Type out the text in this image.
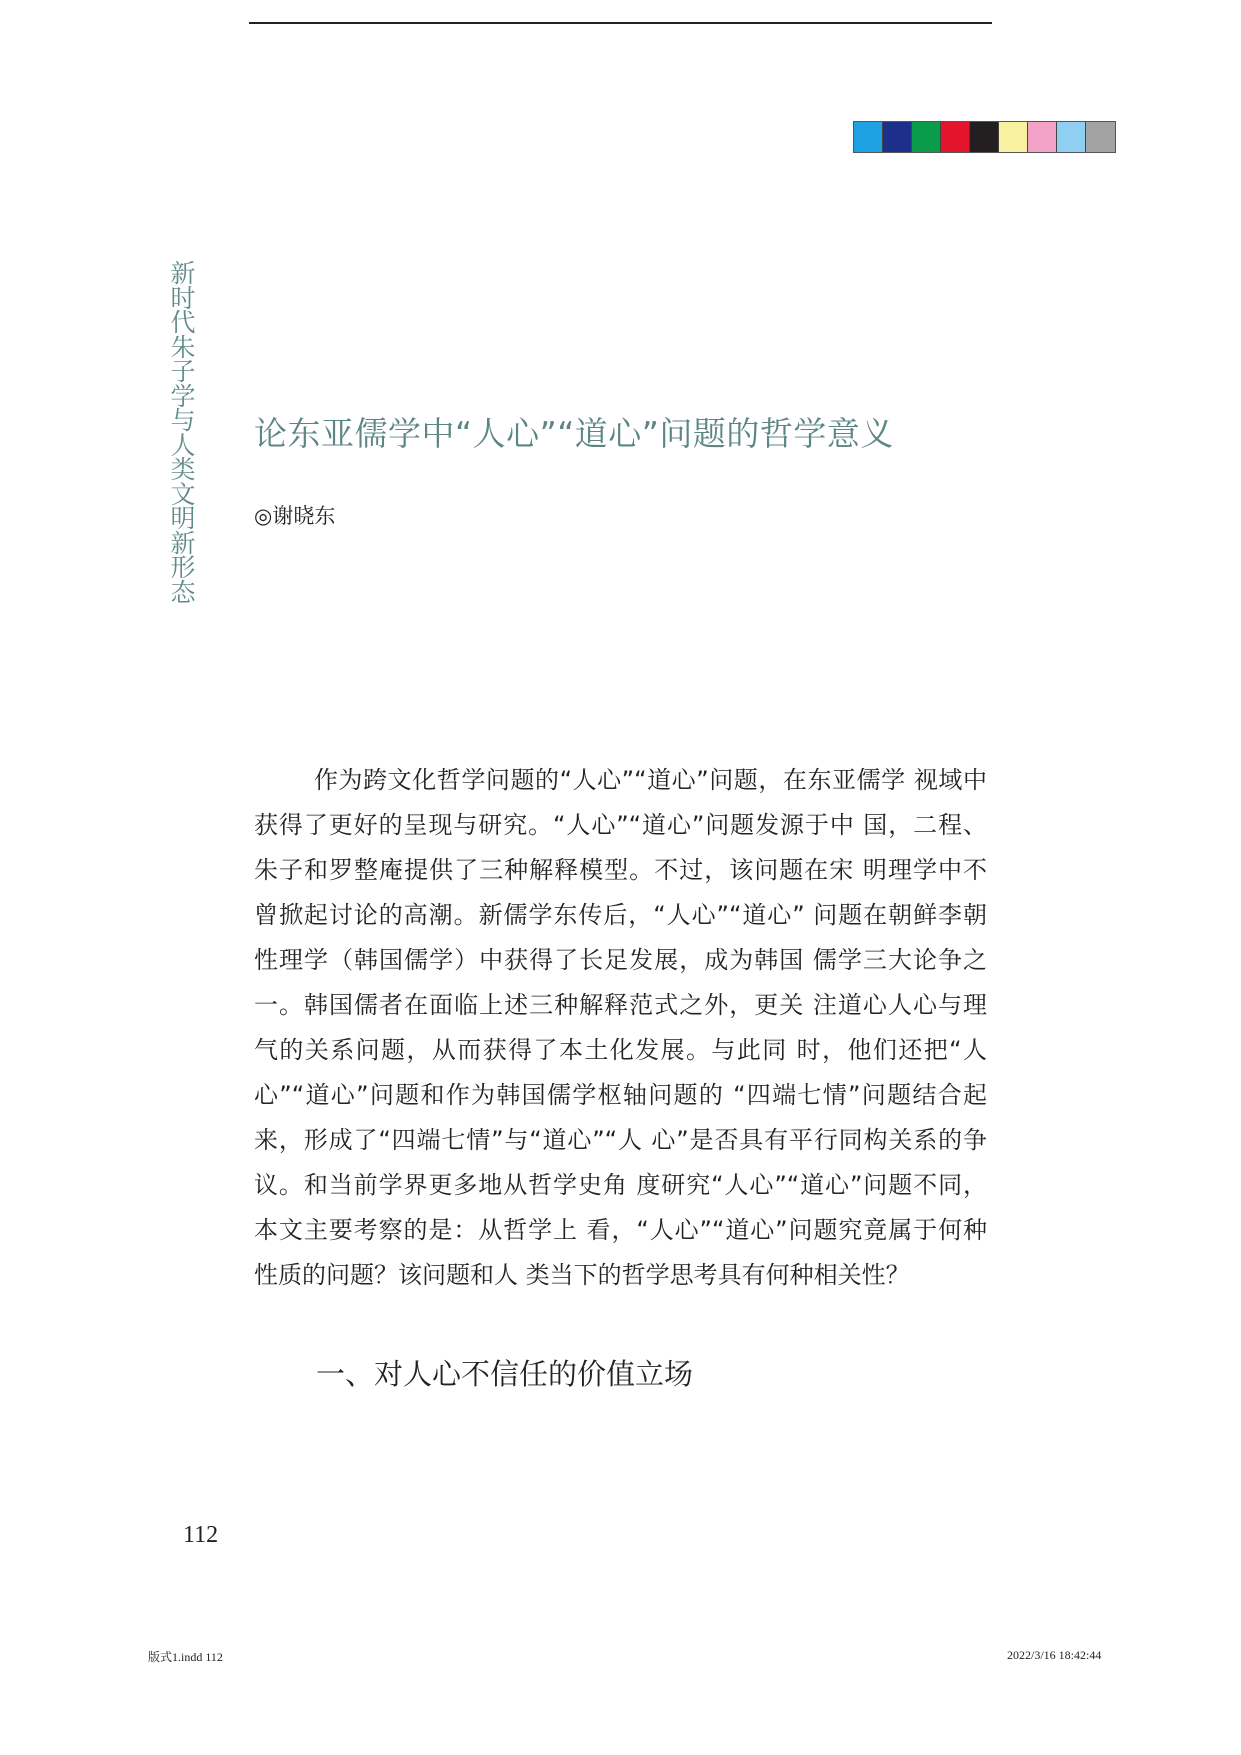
新时代朱子学与人类文明新形态
论东亚儒学中“人心”“道心”问题的哲学意义
◎谢晓东
作为跨文化哲学问题的“人心”“道心”问题，在东亚儒学 视域中
获得了更好的呈现与研究。“人心”“道心”问题发源于中 国，二程、
朱子和罗整庵提供了三种解释模型。不过，该问题在宋 明理学中不
曾掀起讨论的高潮。新儒学东传后，“人心”“道心” 问题在朝鲜李朝
性理学（韩国儒学）中获得了长足发展，成为韩国 儒学三大论争之
一。韩国儒者在面临上述三种解释范式之外，更关 注道心人心与理
气的关系问题，从而获得了本土化发展。与此同 时，他们还把“人
心”“道心”问题和作为韩国儒学枢轴问题的 “四端七情”问题结合起
来，形成了“四端七情”与“道心”“人 心”是否具有平行同构关系的争
议。和当前学界更多地从哲学史角 度研究“人心”“道心”问题不同，
本文主要考察的是：从哲学上 看，“人心”“道心”问题究竟属于何种
性质的问题？该问题和人 类当下的哲学思考具有何种相关性？
一、对人心不信任的价值立场
112
版式1.indd 112	2022/3/16 18:42:44
